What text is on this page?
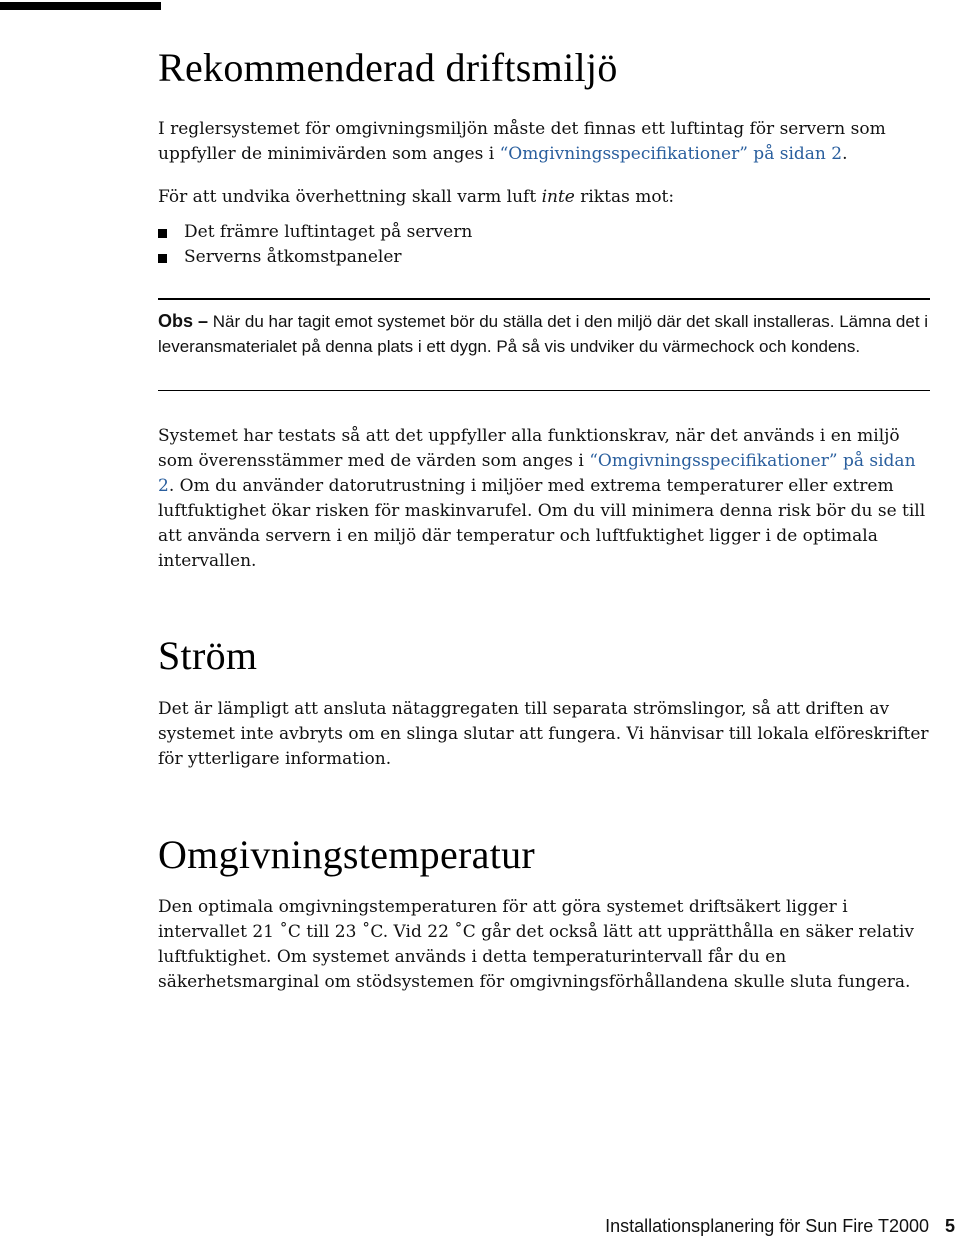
Rekommenderad driftsmiljö

I reglersystemet för omgivningsmiljön måste det finnas ett luftintag för servern som uppfyller de minimivärden som anges i “Omgivningsspecifikationer” på sidan 2.

För att undvika överhettning skall varm luft inte riktas mot:

Det främre luftintaget på servern
Serverns åtkomstpaneler

Obs – När du har tagit emot systemet bör du ställa det i den miljö där det skall installeras. Lämna det i leveransmaterialet på denna plats i ett dygn. På så vis undviker du värmechock och kondens.

Systemet har testats så att det uppfyller alla funktionskrav, när det används i en miljö som överensstämmer med de värden som anges i “Omgivningsspecifikationer” på sidan 2. Om du använder datorutrustning i miljöer med extrema temperaturer eller extrem luftfuktighet ökar risken för maskinvarufel. Om du vill minimera denna risk bör du se till att använda servern i en miljö där temperatur och luftfuktighet ligger i de optimala intervallen.

Ström

Det är lämpligt att ansluta nätaggregaten till separata strömslingor, så att driften av systemet inte avbryts om en slinga slutar att fungera. Vi hänvisar till lokala elföreskrifter för ytterligare information.

Omgivningstemperatur

Den optimala omgivningstemperaturen för att göra systemet driftsäkert ligger i intervallet 21 ˚C till 23 ˚C. Vid 22 ˚C går det också lätt att upprätthålla en säker relativ luftfuktighet. Om systemet används i detta temperaturintervall får du en säkerhetsmarginal om stödsystemen för omgivningsförhållandena skulle sluta fungera.

Installationsplanering för Sun Fire T2000 5
